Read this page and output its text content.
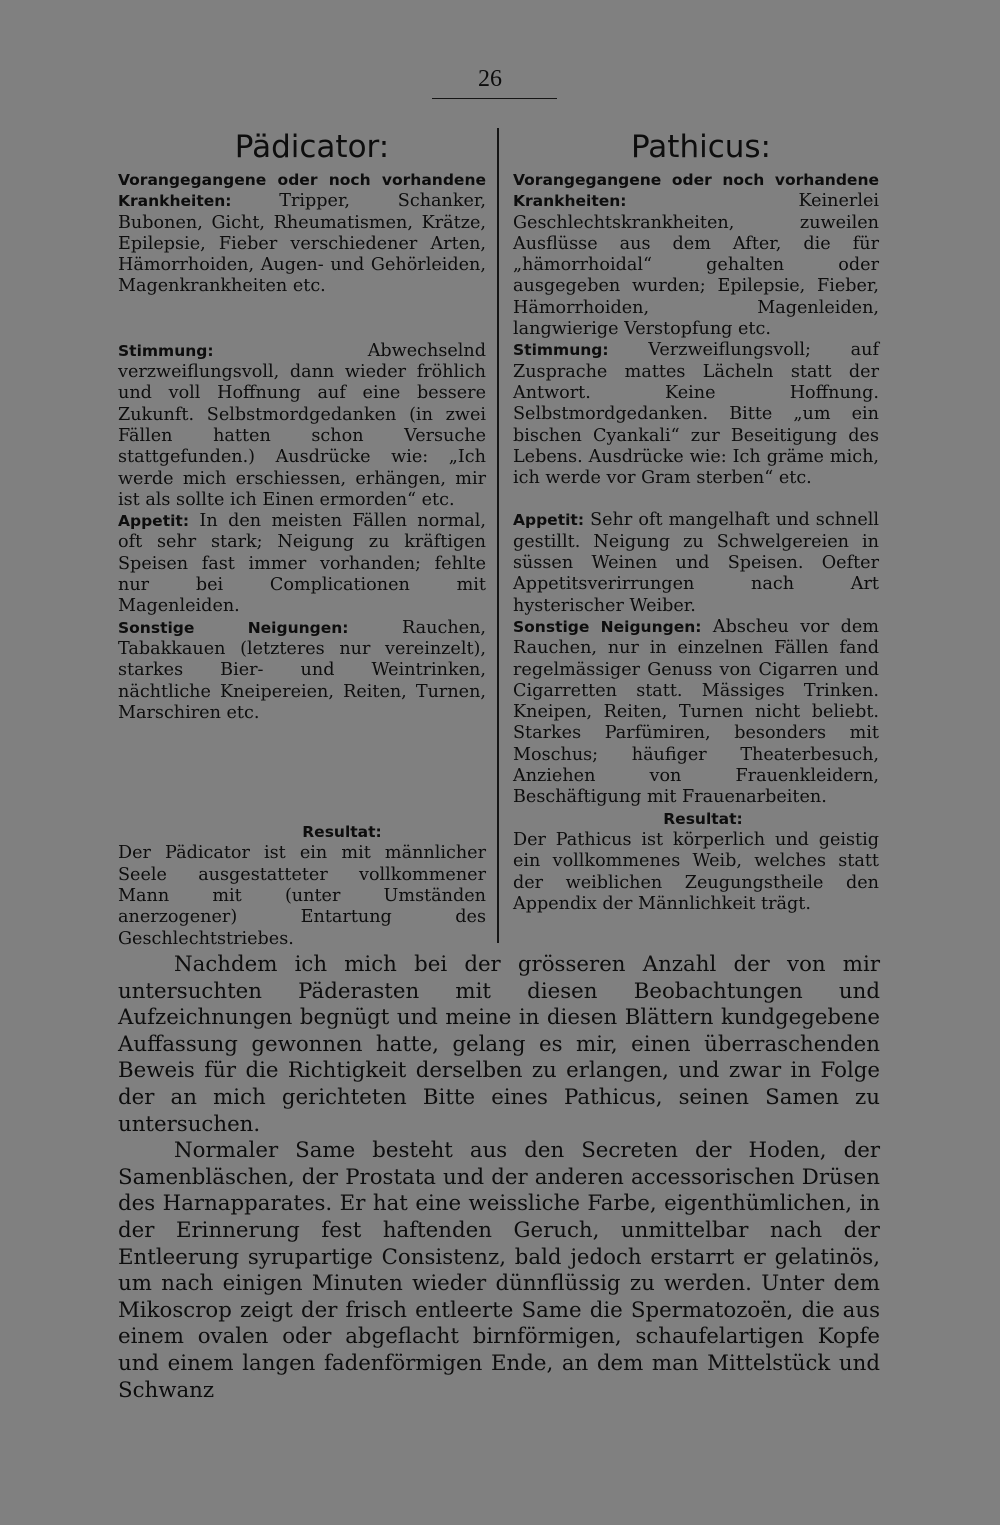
26
Pädicator:

Vorangegangene oder noch vorhandene Krankheiten:	Tripper, Schanker, Bubonen, Gicht, Rheumatismen, Krätze, Epilepsie, Fieber verschiedener Arten, Hämorrhoiden, Augen- und Gehörleiden, Magenkrankheiten etc.

Stimmung:	Abwechselnd verzweiflungsvoll, dann wieder fröhlich und voll Hoffnung auf eine bessere Zukunft. Selbstmordgedanken (in zwei Fällen hatten schon Versuche stattgefunden.) Ausdrücke wie: „Ich werde mich erschiessen, erhängen, mir ist als sollte ich Einen ermorden“ etc.

Appetit: In den meisten Fällen normal, oft sehr stark; Neigung zu kräftigen Speisen fast immer vorhanden; fehlte nur bei Complicationen mit Magenleiden.

Sonstige Neigungen:	Rauchen, Tabakkauen (letzteres nur vereinzelt), starkes Bier- und Weintrinken, nächtliche Kneipereien, Reiten, Turnen, Marschiren etc.

Resultat:

Der Pädicator ist ein mit männlicher Seele ausgestatteter vollkommener Mann mit (unter Umständen anerzogener) Entartung des Geschlechtstriebes.

Pathicus:

Vorangegangene oder noch vorhandene Krankheiten:	Keinerlei Geschlechtskrankheiten, zuweilen Ausflüsse aus dem After, die für „hämorrhoidal“ gehalten oder ausgegeben wurden; Epilepsie, Fieber, Hämorrhoiden, Magenleiden, langwierige Verstopfung etc.

Stimmung: Verzweiflungsvoll; auf Zusprache mattes Lächeln statt der Antwort. Keine Hoffnung. Selbstmordgedanken. Bitte „um ein bischen Cyankali“ zur Beseitigung des Lebens. Ausdrücke wie: Ich gräme mich, ich werde vor Gram sterben“ etc.

Appetit: Sehr oft mangelhaft und schnell gestillt. Neigung zu Schwelgereien in süssen Weinen und Speisen. Oefter Appetitsverirrungen nach Art hysterischer Weiber.

Sonstige Neigungen: Abscheu vor dem Rauchen, nur in einzelnen Fällen fand regelmässiger Genuss von Cigarren und Cigarretten statt. Mässiges Trinken. Kneipen, Reiten, Turnen nicht beliebt. Starkes Parfümiren, besonders mit Moschus; häufiger Theaterbesuch, Anziehen von Frauenkleidern, Beschäftigung mit Frauenarbeiten.

Resultat:

Der Pathicus ist körperlich und geistig ein vollkommenes Weib, welches statt der weiblichen Zeugungstheile den Appendix der Männlichkeit trägt.

Nachdem ich mich bei der grösseren Anzahl der von mir untersuchten Päderasten mit diesen Beobachtungen und Aufzeichnungen begnügt und meine in diesen Blättern kundgegebene Auffassung gewonnen hatte, gelang es mir, einen überraschenden Beweis für die Richtigkeit derselben zu erlangen, und zwar in Folge der an mich gerichteten Bitte eines Pathicus, seinen Samen zu untersuchen.

Normaler Same besteht aus den Secreten der Hoden, der Samenbläschen, der Prostata und der anderen accessorischen Drüsen des Harnapparates. Er hat eine weissliche Farbe, eigenthümlichen, in der Erinnerung fest haftenden Geruch, unmittelbar nach der Entleerung syrupartige Consistenz, bald jedoch erstarrt er gelatinös, um nach einigen Minuten wieder dünnflüssig zu werden. Unter dem Mikoscrop zeigt der frisch entleerte Same die Spermatozoën, die aus einem ovalen oder abgeflacht birnförmigen, schaufelartigen Kopfe und einem langen fadenförmigen Ende, an dem man Mittelstück und Schwanz
